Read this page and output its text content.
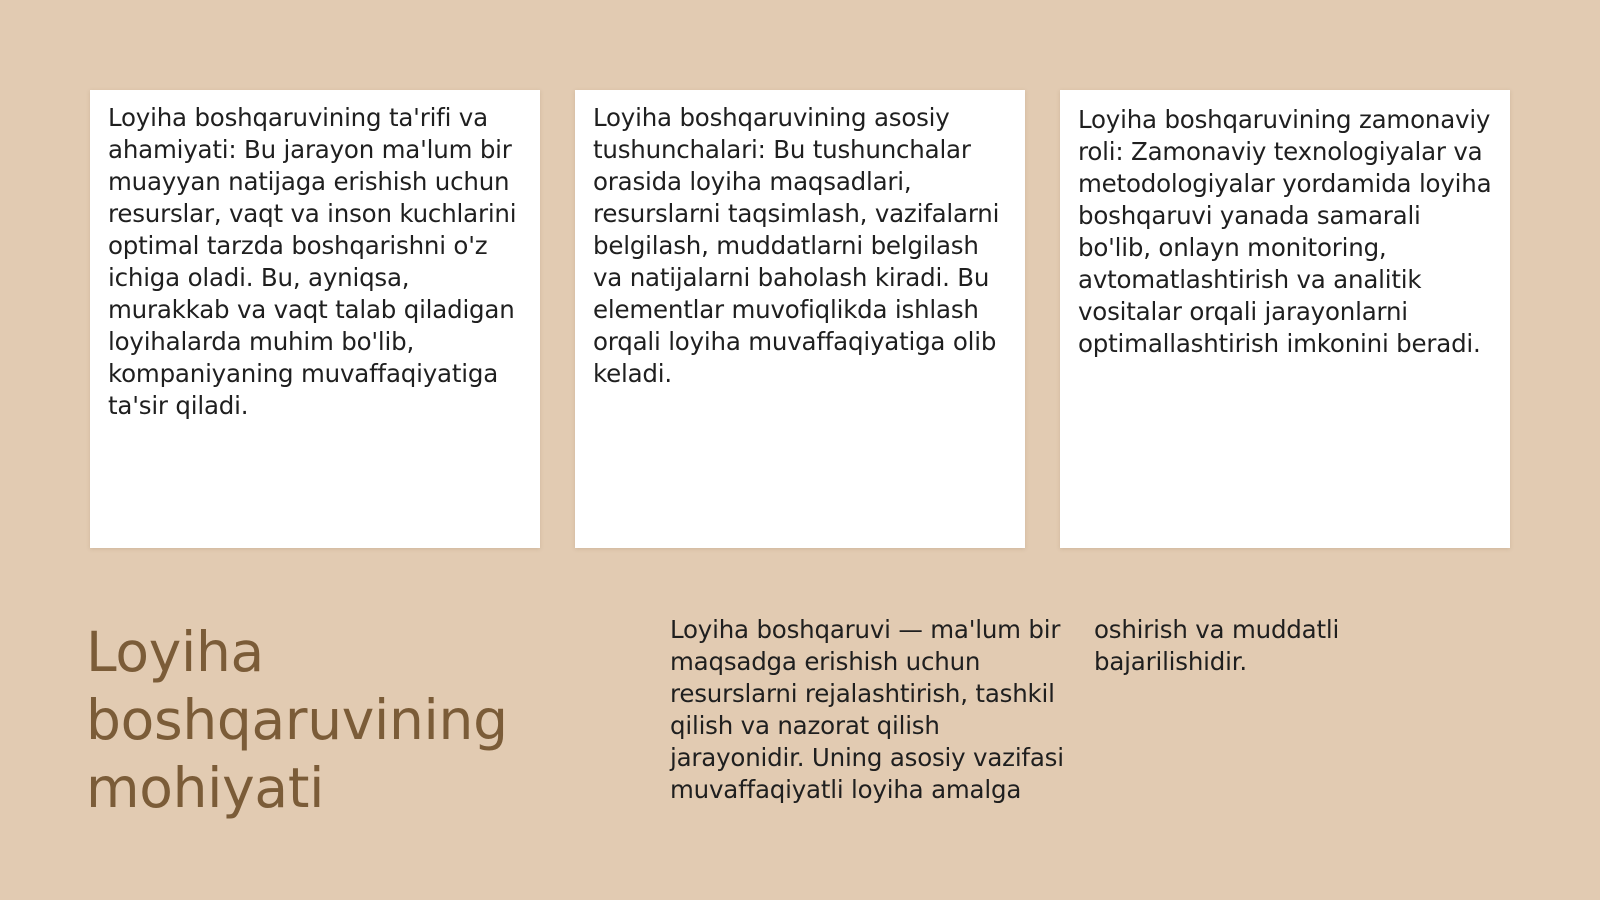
Loyiha boshqaruvining ta'rifi va ahamiyati: Bu jarayon ma'lum bir muayyan natijaga erishish uchun resurslar, vaqt va inson kuchlarini optimal tarzda boshqarishni o'z ichiga oladi. Bu, ayniqsa, murakkab va vaqt talab qiladigan loyihalarda muhim bo'lib, kompaniyaning muvaffaqiyatiga ta'sir qiladi.

Loyiha boshqaruvining asosiy tushunchalari: Bu tushunchalar orasida loyiha maqsadlari, resurslarni taqsimlash, vazifalarni belgilash, muddatlarni belgilash va natijalarni baholash kiradi. Bu elementlar muvofiqlikda ishlash orqali loyiha muvaffaqiyatiga olib keladi.

Loyiha boshqaruvining zamonaviy roli: Zamonaviy texnologiyalar va metodologiyalar yordamida loyiha boshqaruvi yanada samarali bo'lib, onlayn monitoring, avtomatlashtirish va analitik vositalar orqali jarayonlarni optimallashtirish imkonini beradi.

Loyiha boshqaruvining mohiyati

Loyiha boshqaruvi — ma'lum bir maqsadga erishish uchun resurslarni rejalashtirish, tashkil qilish va nazorat qilish jarayonidir. Uning asosiy vazifasi muvaffaqiyatli loyiha amalga

oshirish va muddatli bajarilishidir.
